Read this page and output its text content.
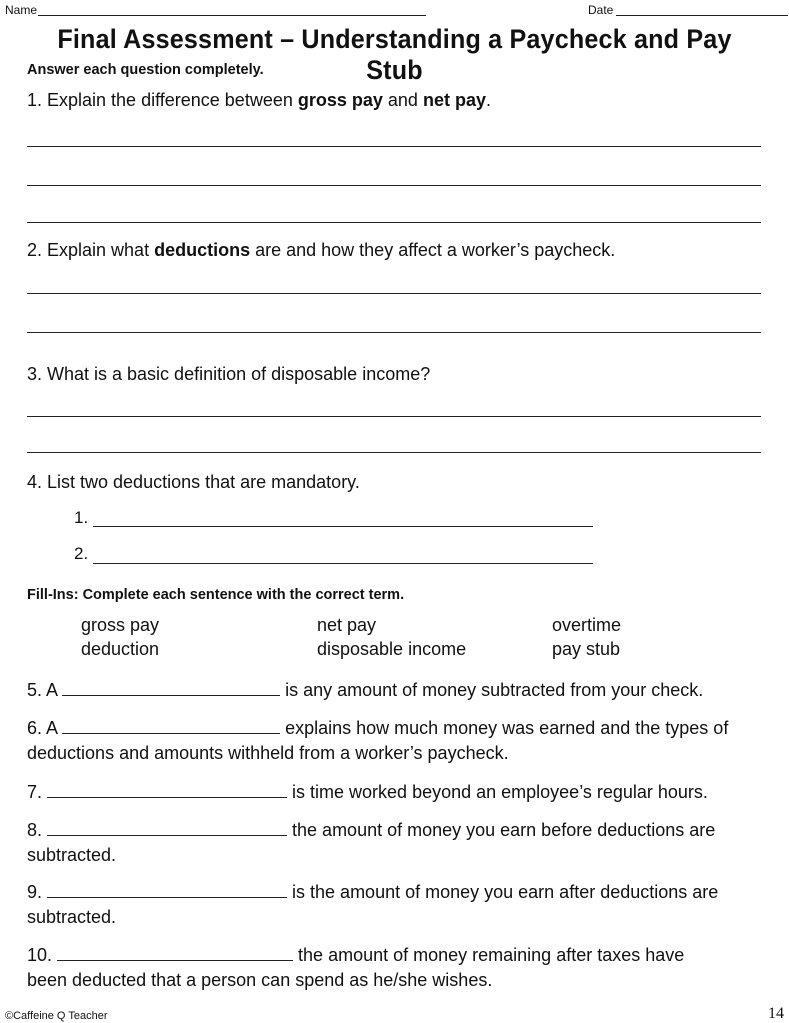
Name	Date
Final Assessment – Understanding a Paycheck and Pay Stub
Answer each question completely.
1. Explain the difference between gross pay and net pay.
2. Explain what deductions are and how they affect a worker’s paycheck.
3. What is a basic definition of disposable income?
4. List two deductions that are mandatory.
1.
2.
Fill-Ins: Complete each sentence with the correct term.
gross pay	net pay	overtime
deduction	disposable income	pay stub
5. A	is any amount of money subtracted from your check.
6. A	explains how much money was earned and the types of
deductions and amounts withheld from a worker’s paycheck.
7.	is time worked beyond an employee’s regular hours.
8.	the amount of money you earn before deductions are
subtracted.
9.	is the amount of money you earn after deductions are
subtracted.
10.	the amount of money remaining after taxes have
been deducted that a person can spend as he/she wishes.
©Caffeine Q Teacher	14
